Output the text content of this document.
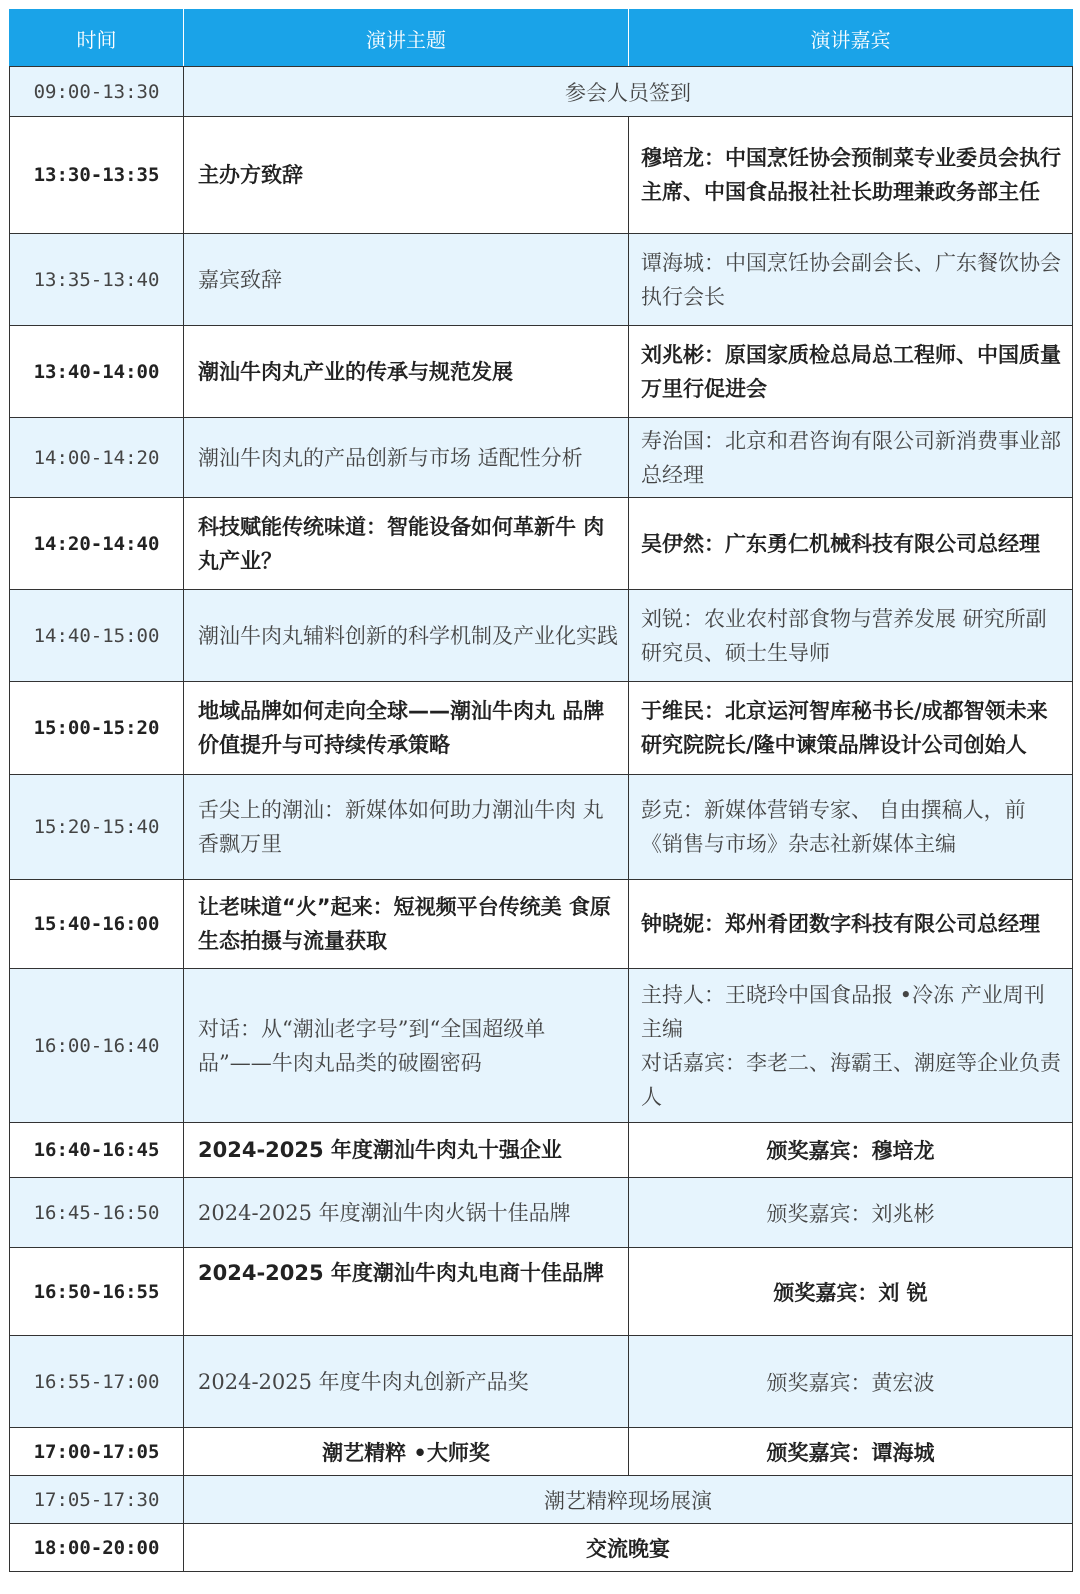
时间	演讲主题	演讲嘉宾
09:00-13:30	参会人员签到	
13:30-13:35	主办方致辞	穆培龙：中国烹饪协会预制菜专业委员会执行主席、中国食品报社社长助理兼政务部主任
13:35-13:40	嘉宾致辞	谭海城：中国烹饪协会副会长、广东餐饮协会执行会长
13:40-14:00	潮汕牛肉丸产业的传承与规范发展	刘兆彬：原国家质检总局总工程师、中国质量万里行促进会
14:00-14:20	潮汕牛肉丸的产品创新与市场 适配性分析	寿治国：北京和君咨询有限公司新消费事业部总经理
14:20-14:40	科技赋能传统味道：智能设备如何革新牛 肉丸产业？	吴伊然：广东勇仁机械科技有限公司总经理
14:40-15:00	潮汕牛肉丸辅料创新的科学机制及产业化实践	刘锐：农业农村部食物与营养发展 研究所副研究员、硕士生导师
15:00-15:20	地域品牌如何走向全球——潮汕牛肉丸 品牌价值提升与可持续传承策略	于维民：北京运河智库秘书长/成都智领未来研究院院长/隆中谏策品牌设计公司创始人
15:20-15:40	舌尖上的潮汕：新媒体如何助力潮汕牛肉 丸香飘万里	彭克：新媒体营销专家、 自由撰稿人，前《销售与市场》杂志社新媒体主编
15:40-16:00	让老味道“火”起来：短视频平台传统美 食原生态拍摄与流量获取	钟晓妮：郑州肴团数字科技有限公司总经理
16:00-16:40	对话：从“潮汕老字号”到“全国超级单 品”——牛肉丸品类的破圈密码	主持人：王晓玲中国食品报 •冷冻 产业周刊主编
对话嘉宾：李老二、海霸王、潮庭等企业负责人

16:40-16:45	2024-2025 年度潮汕牛肉丸十强企业	颁奖嘉宾：穆培龙
16:45-16:50	2024-2025 年度潮汕牛肉火锅十佳品牌	颁奖嘉宾：刘兆彬
16:50-16:55	2024-2025 年度潮汕牛肉丸电商十佳品牌	颁奖嘉宾：刘 锐
16:55-17:00	2024-2025 年度牛肉丸创新产品奖	颁奖嘉宾：黄宏波
17:00-17:05	潮艺精粹 •大师奖	颁奖嘉宾：谭海城
17:05-17:30	潮艺精粹现场展演	
18:00-20:00	交流晚宴	
